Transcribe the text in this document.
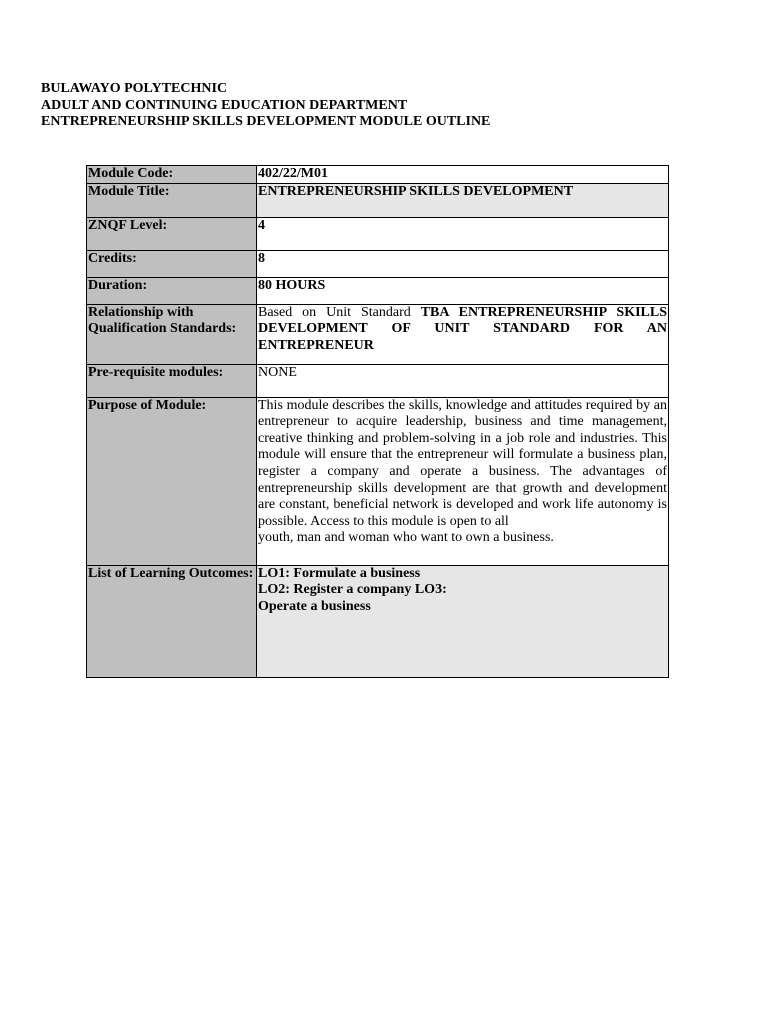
BULAWAYO POLYTECHNIC
ADULT AND CONTINUING EDUCATION DEPARTMENT
ENTREPRENEURSHIP SKILLS DEVELOPMENT MODULE OUTLINE
Module Code:	402/22/M01
Module Title:	ENTREPRENEURSHIP SKILLS DEVELOPMENT
ZNQF Level:	4
Credits:	8
Duration:	80 HOURS
Relationship with Qualification Standards:	Based on Unit Standard TBA ENTREPRENEURSHIP SKILLS DEVELOPMENT OF UNIT STANDARD FOR AN ENTREPRENEUR
Pre-requisite modules:	NONE
Purpose of Module:	This module describes the skills, knowledge and attitudes required by an entrepreneur to acquire leadership, business and time management, creative thinking and problem-solving in a job role and industries. This module will ensure that the entrepreneur will formulate a business plan, register a company and operate a business. The advantages of entrepreneurship skills development are that growth and development are constant, beneficial network is developed and work life autonomy is possible. Access to this module is open to all
youth, man and woman who want to own a business.

List of Learning Outcomes:	LO1: Formulate a business
LO2: Register a company LO3:
Operate a business
